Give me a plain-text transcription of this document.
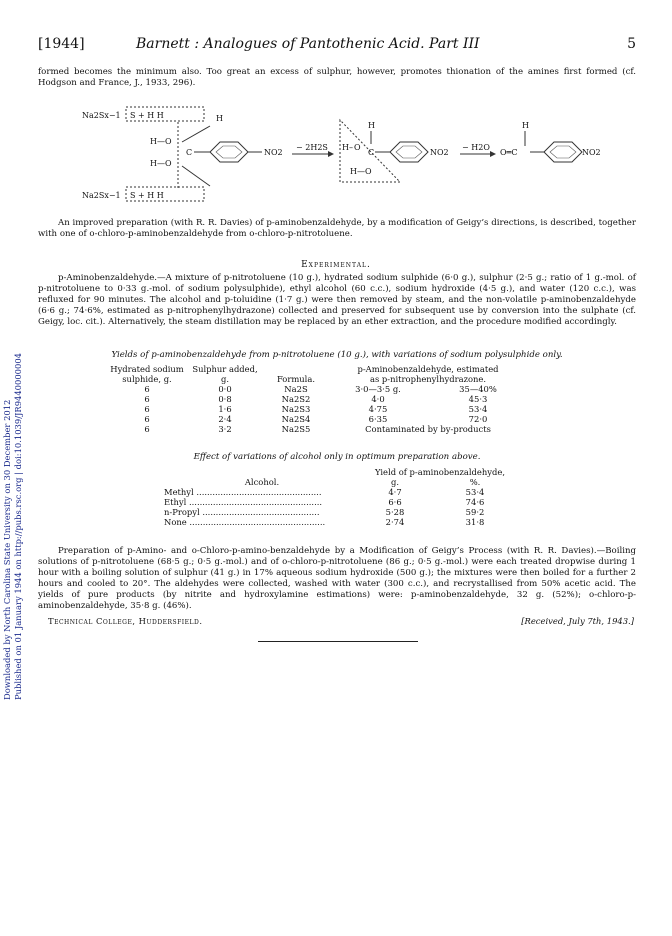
[1944]	Barnett : Analogues of Pantothenic Acid. Part III	5
Downloaded by North Carolina State University on 30 December 2012 Published on 01 January 1944 on http://pubs.rsc.org | doi:10.1039/JR9440000004

formed becomes the minimum also. Too great an excess of sulphur, however, promotes thionation of the amines first formed (cf. Hodgson and France, J., 1933, 296).

Na2Sx−1 S + H H	H
H—O
H—O
C	NO2
Na2Sx−1 S + H H
− 2H2S
H
H– O
C
H—O
NO2
− H2O
H
O═C	NO2

An improved preparation (with R. R. Davies) of p-aminobenzaldehyde, by a modification of Geigy’s directions, is described, together with one of o-chloro-p-aminobenzaldehyde from o-chloro-p-nitrotoluene.

Experimental.

p-Aminobenzaldehyde.—A mixture of p-nitrotoluene (10 g.), hydrated sodium sulphide (6·0 g.), sulphur (2·5 g.; ratio of 1 g.-mol. of p-nitrotoluene to 0·33 g.-mol. of sodium polysulphide), ethyl alcohol (60 c.c.), sodium hydroxide (4·5 g.), and water (120 c.c.), was refluxed for 90 minutes. The alcohol and p-toluidine (1·7 g.) were then removed by steam, and the non-volatile p-aminobenzaldehyde (6·6 g.; 74·6%, estimated as p-nitrophenylhydrazone) collected and preserved for subsequent use by conversion into the sulphate (cf. Geigy, loc. cit.). Alternatively, the steam distillation may be replaced by an ether extraction, and the procedure modified accordingly.

Yields of p-aminobenzaldehyde from p-nitrotoluene (10 g.), with variations of sodium polysulphide only.
Hydrated sodium
sulphide, g.	Sulphur added,
g.	Formula.	p-Aminobenzaldehyde, estimated
as p-nitrophenylhydrazone.	
6	0·0	Na2S	3·0—3·5 g.	35—40%
6	0·8	Na2S2	4·0	45·3
6	1·6	Na2S3	4·75	53·4
6	2·4	Na2S4	6·35	72·0
6	3·2	Na2S5	Contaminated by by-products	
Effect of variations of alcohol only in optimum preparation above.
	Yield of p-aminobenzaldehyde,	
Alcohol.	g.	%.
Methyl ...............................................	4·7	53·4
Ethyl ..................................................	6·6	74·6
n-Propyl ............................................	5·28	59·2
None ...................................................	2·74	31·8

Preparation of p-Amino- and o-Chloro-p-amino-benzaldehyde by a Modification of Geigy’s Process (with R. R. Davies).—Boiling solutions of p-nitrotoluene (68·5 g.; 0·5 g.-mol.) and of o-chloro-p-nitrotoluene (86 g.; 0·5 g.-mol.) were each treated dropwise during 1 hour with a boiling solution of sulphur (41 g.) in 17% aqueous sodium hydroxide (500 g.); the mixtures were then boiled for a further 2 hours and cooled to 20°. The aldehydes were collected, washed with water (300 c.c.), and recrystallised from 50% acetic acid. The yields of pure products (by nitrite and hydroxylamine estimations) were: p-aminobenzaldehyde, 32 g. (52%); o-chloro-p-aminobenzaldehyde, 35·8 g. (46%).

Technical College, Huddersfield.	[Received, July 7th, 1943.]
